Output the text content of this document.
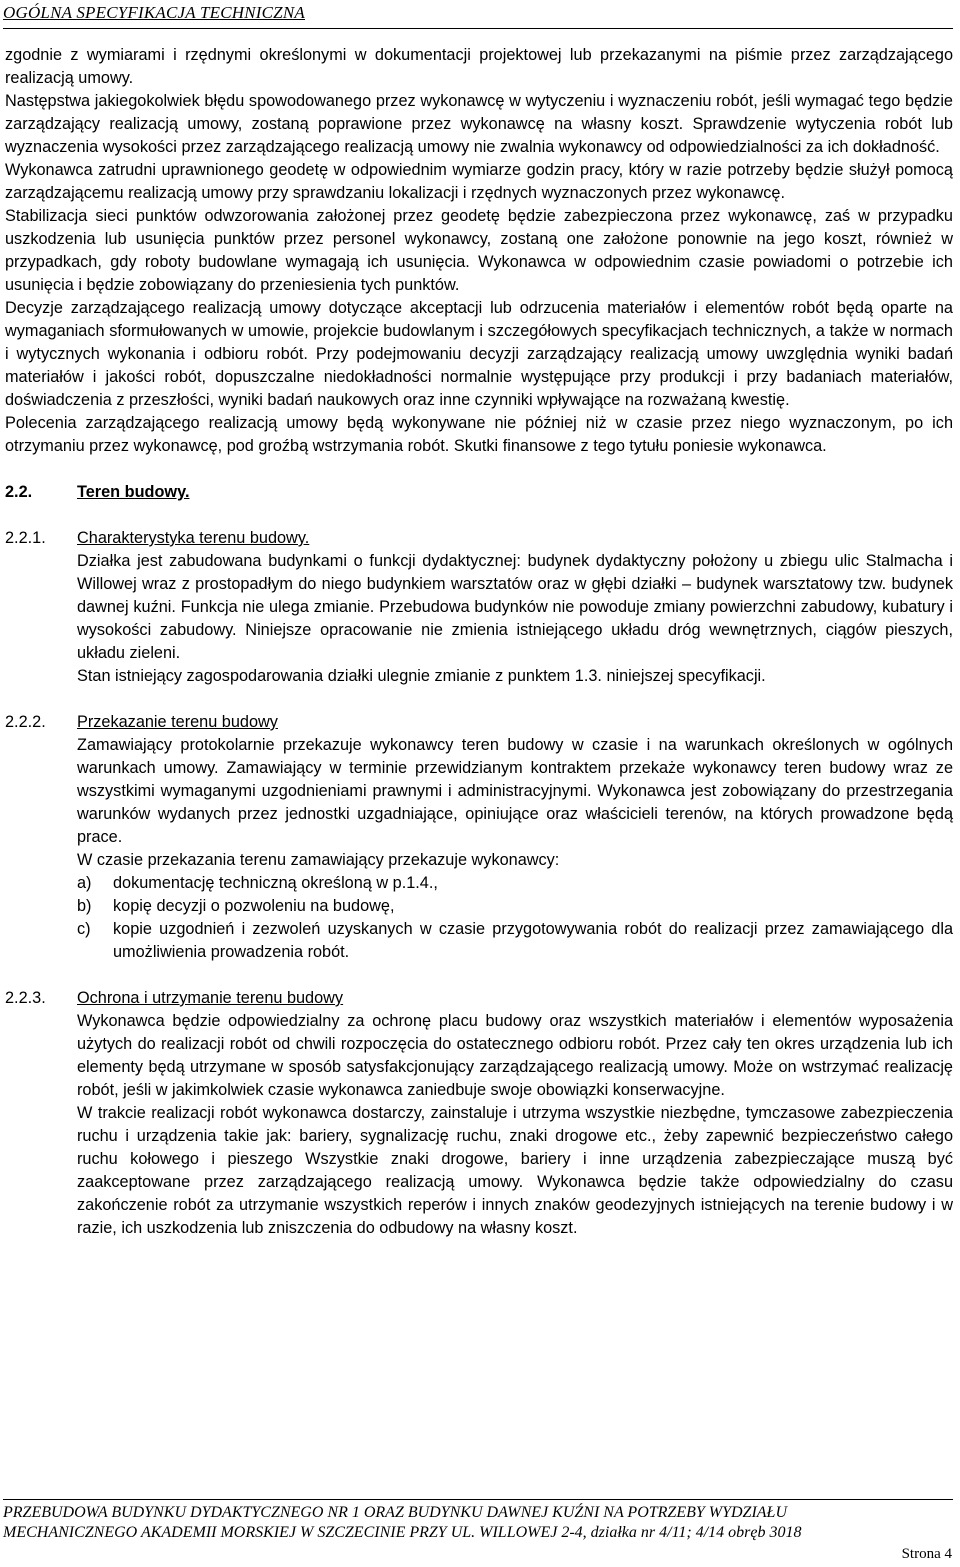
OGÓLNA SPECYFIKACJA TECHNICZNA

zgodnie z wymiarami i rzędnymi określonymi w dokumentacji projektowej lub przekazanymi na piśmie przez zarządzającego realizacją umowy.

Następstwa jakiegokolwiek błędu spowodowanego przez wykonawcę w wytyczeniu i wyznaczeniu robót, jeśli wymagać tego będzie zarządzający realizacją umowy, zostaną poprawione przez wykonawcę na własny koszt. Sprawdzenie wytyczenia robót lub wyznaczenia wysokości przez zarządzającego realizacją umowy nie zwalnia wykonawcy od odpowiedzialności za ich dokładność.

Wykonawca zatrudni uprawnionego geodetę w odpowiednim wymiarze godzin pracy, który w razie potrzeby będzie służył pomocą zarządzającemu realizacją umowy przy sprawdzaniu lokalizacji i rzędnych wyznaczonych przez wykonawcę.

Stabilizacja sieci punktów odwzorowania założonej przez geodetę będzie zabezpieczona przez wykonawcę, zaś w przypadku uszkodzenia lub usunięcia punktów przez personel wykonawcy, zostaną one założone ponownie na jego koszt, również w przypadkach, gdy roboty budowlane wymagają ich usunięcia. Wykonawca w odpowiednim czasie powiadomi o potrzebie ich usunięcia i będzie zobowiązany do przeniesienia tych punktów.

Decyzje zarządzającego realizacją umowy dotyczące akceptacji lub odrzucenia materiałów i elementów robót będą oparte na wymaganiach sformułowanych w umowie, projekcie budowlanym i szczegółowych specyfikacjach technicznych, a także w normach i wytycznych wykonania i odbioru robót. Przy podejmowaniu decyzji zarządzający realizacją umowy uwzględnia wyniki badań materiałów i jakości robót, dopuszczalne niedokładności normalnie występujące przy produkcji i przy badaniach materiałów, doświadczenia z przeszłości, wyniki badań naukowych oraz inne czynniki wpływające na rozważaną kwestię.

Polecenia zarządzającego realizacją umowy będą wykonywane nie później niż w czasie przez niego wyznaczonym, po ich otrzymaniu przez wykonawcę, pod groźbą wstrzymania robót. Skutki finansowe z tego tytułu poniesie wykonawca.

2.2.	Teren budowy.
2.2.1.	Charakterystyka terenu budowy.

Działka jest zabudowana budynkami o funkcji dydaktycznej: budynek dydaktyczny położony u zbiegu ulic Stalmacha i Willowej wraz z prostopadłym do niego budynkiem warsztatów oraz w głębi działki – budynek warsztatowy tzw. budynek dawnej kuźni. Funkcja nie ulega zmianie. Przebudowa budynków nie powoduje zmiany powierzchni zabudowy, kubatury i wysokości zabudowy. Niniejsze opracowanie nie zmienia istniejącego układu dróg wewnętrznych, ciągów pieszych, układu zieleni.

Stan istniejący zagospodarowania działki ulegnie zmianie z punktem 1.3. niniejszej specyfikacji.

2.2.2.	Przekazanie terenu budowy

Zamawiający protokolarnie przekazuje wykonawcy teren budowy w czasie i na warunkach określonych w ogólnych warunkach umowy. Zamawiający w terminie przewidzianym kontraktem przekaże wykonawcy teren budowy wraz ze wszystkimi wymaganymi uzgodnieniami prawnymi i administracyjnymi. Wykonawca jest zobowiązany do przestrzegania warunków wydanych przez jednostki uzgadniające, opiniujące oraz właścicieli terenów, na których prowadzone będą prace.

W czasie przekazania terenu zamawiający przekazuje wykonawcy:

a)	dokumentację techniczną określoną w p.1.4.,
b)	kopię decyzji o pozwoleniu na budowę,
c)	kopie uzgodnień i zezwoleń uzyskanych w czasie przygotowywania robót do realizacji przez zamawiającego dla umożliwienia prowadzenia robót.
2.2.3.	Ochrona i utrzymanie terenu budowy

Wykonawca będzie odpowiedzialny za ochronę placu budowy oraz wszystkich materiałów i elementów wyposażenia użytych do realizacji robót od chwili rozpoczęcia do ostatecznego odbioru robót. Przez cały ten okres urządzenia lub ich elementy będą utrzymane w sposób satysfakcjonujący zarządzającego realizacją umowy. Może on wstrzymać realizację robót, jeśli w jakimkolwiek czasie wykonawca zaniedbuje swoje obowiązki konserwacyjne.

W trakcie realizacji robót wykonawca dostarczy, zainstaluje i utrzyma wszystkie niezbędne, tymczasowe zabezpieczenia ruchu i urządzenia takie jak: bariery, sygnalizację ruchu, znaki drogowe etc., żeby zapewnić bezpieczeństwo całego ruchu kołowego i pieszego Wszystkie znaki drogowe, bariery i inne urządzenia zabezpieczające muszą być zaakceptowane przez zarządzającego realizacją umowy. Wykonawca będzie także odpowiedzialny do czasu zakończenie robót za utrzymanie wszystkich reperów i innych znaków geodezyjnych istniejących na terenie budowy i w razie, ich uszkodzenia lub zniszczenia do odbudowy na własny koszt.

PRZEBUDOWA BUDYNKU DYDAKTYCZNEGO NR 1 ORAZ BUDYNKU DAWNEJ KUŹNI NA POTRZEBY WYDZIAŁU
MECHANICZNEGO AKADEMII MORSKIEJ W SZCZECINIE PRZY UL. WILLOWEJ 2-4, działka nr 4/11; 4/14 obręb 3018
Strona 4
